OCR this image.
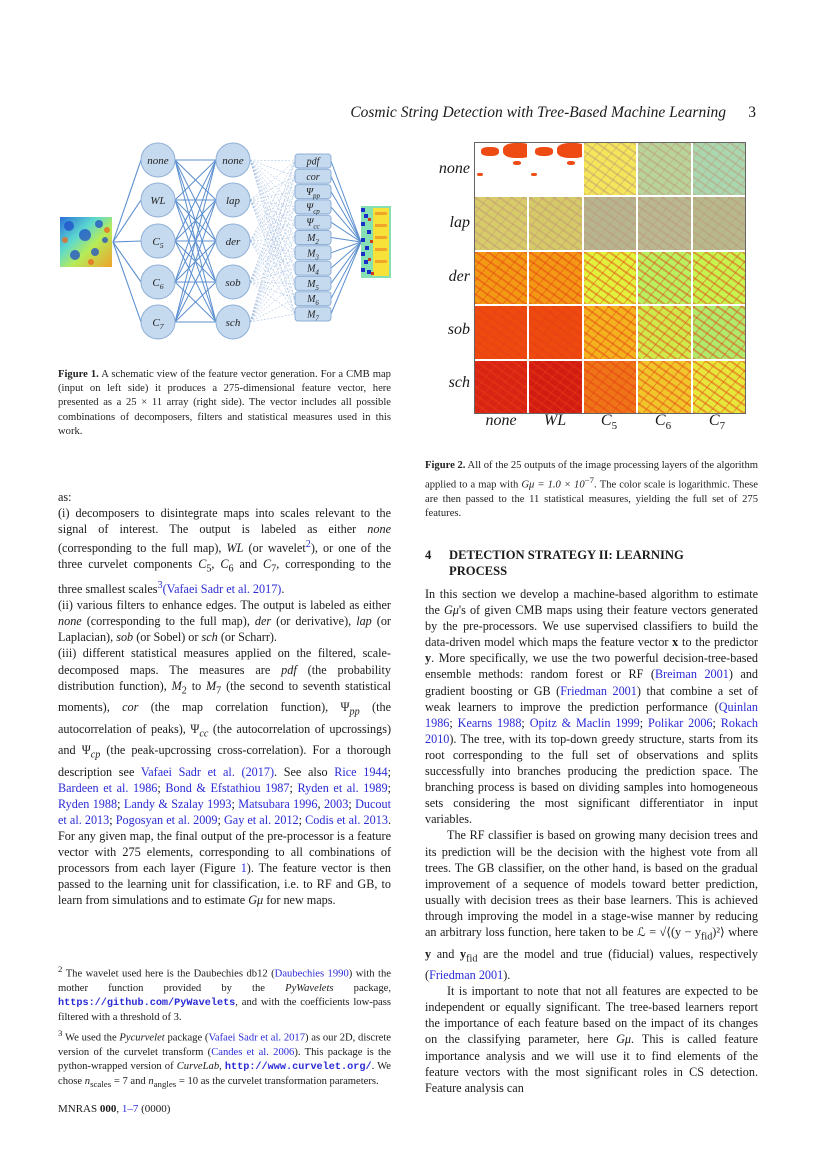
Cosmic String Detection with Tree-Based Machine Learning 3
none
WL
$C_5$
$C_6$
$C_7$
none
lap
der
sob
sch
pdf
cor
$\Psi_{pp}$
$\Psi_{cp}$
$\Psi_{cc}$
$M_2$
$M_3$
$M_4$
$M_5$
$M_6$
$M_7$
Figure 1. A schematic view of the feature vector generation. For a CMB map (input on left side) it produces a 275-dimensional feature vector, here presented as a 25 × 11 array (right side). The vector includes all possible combinations of decomposers, filters and statistical measures used in this work.
none
lap
der
sob
sch
none	WL	$C_5$	$C_6$	$C_7$
Figure 2. All of the 25 outputs of the image processing layers of the algorithm applied to a map with $G\mu = 1.0 \times 10^{-7}$. The color scale is logarithmic. These are then passed to the 11 statistical measures, yielding the full set of 275 features.

as:

(i) decomposers to disintegrate maps into scales relevant to the signal of interest. The output is labeled as either none (corresponding to the full map), WL (or wavelet$^2$), or one of the three curvelet components $C_5$, $C_6$ and $C_7$, corresponding to the three smallest scales$^3$(Vafaei Sadr et al. 2017).

(ii) various filters to enhance edges. The output is labeled as either none (corresponding to the full map), der (or derivative), lap (or Laplacian), sob (or Sobel) or sch (or Scharr).

(iii) different statistical measures applied on the filtered, scale-decomposed maps. The measures are pdf (the probability distribution function), $M_2$ to $M_7$ (the second to seventh statistical moments), cor (the map correlation function), $\Psi_{pp}$ (the autocorrelation of peaks), $\Psi_{cc}$ (the autocorrelation of upcrossings) and $\Psi_{cp}$ (the peak-upcrossing cross-correlation). For a thorough description see Vafaei Sadr et al. (2017). See also Rice 1944; Bardeen et al. 1986; Bond & Efstathiou 1987; Ryden et al. 1989; Ryden 1988; Landy & Szalay 1993; Matsubara 1996, 2003; Ducout et al. 2013; Pogosyan et al. 2009; Gay et al. 2012; Codis et al. 2013. For any given map, the final output of the pre-processor is a feature vector with 275 elements, corresponding to all combinations of processors from each layer (Figure 1). The feature vector is then passed to the learning unit for classification, i.e. to RF and GB, to learn from simulations and to estimate Gμ for new maps.

$^2$ The wavelet used here is the Daubechies db12 (Daubechies 1990) with the mother function provided by the PyWavelets package, https://github.com/PyWavelets, and with the coefficients low-pass filtered with a threshold of 3.

$^3$ We used the Pycurvelet package (Vafaei Sadr et al. 2017) as our 2D, discrete version of the curvelet transform (Candes et al. 2006). This package is the python-wrapped version of CurveLab, http://www.curvelet.org/. We chose $n_{scales} = 7$ and $n_{angles} = 10$ as the curvelet transformation parameters.

MNRAS 000, 1–7 (0000)
4	DETECTION STRATEGY II: LEARNING
PROCESS

In this section we develop a machine-based algorithm to estimate the Gμ's of given CMB maps using their feature vectors generated by the pre-processors. We use supervised classifiers to build the data-driven model which maps the feature vector x to the predictor y. More specifically, we use the two powerful decision-tree-based ensemble methods: random forest or RF (Breiman 2001) and gradient boosting or GB (Friedman 2001) that combine a set of weak learners to improve the prediction performance (Quinlan 1986; Kearns 1988; Opitz & Maclin 1999; Polikar 2006; Rokach 2010). The tree, with its top-down greedy structure, starts from its root corresponding to the full set of observations and splits successfully into branches producing the prediction space. The branching process is based on dividing samples into homogeneous sets considering the most significant differentiator in input variables.

The RF classifier is based on growing many decision trees and its prediction will be the decision with the highest vote from all trees. The GB classifier, on the other hand, is based on the gradual improvement of a sequence of models toward better prediction, usually with decision trees as their base learners. This is achieved through improving the model in a stage-wise manner by reducing an arbitrary loss function, here taken to be ℒ = √⟨(y − $y_{fid})^2⟩$ where y and $y_{fid}$ are the model and true (fiducial) values, respectively (Friedman 2001).

It is important to note that not all features are expected to be independent or equally significant. The tree-based learners report the importance of each feature based on the impact of its changes on the classifying parameter, here Gμ. This is called feature importance analysis and we will use it to find elements of the feature vectors with the most significant roles in CS detection. Feature analysis can
